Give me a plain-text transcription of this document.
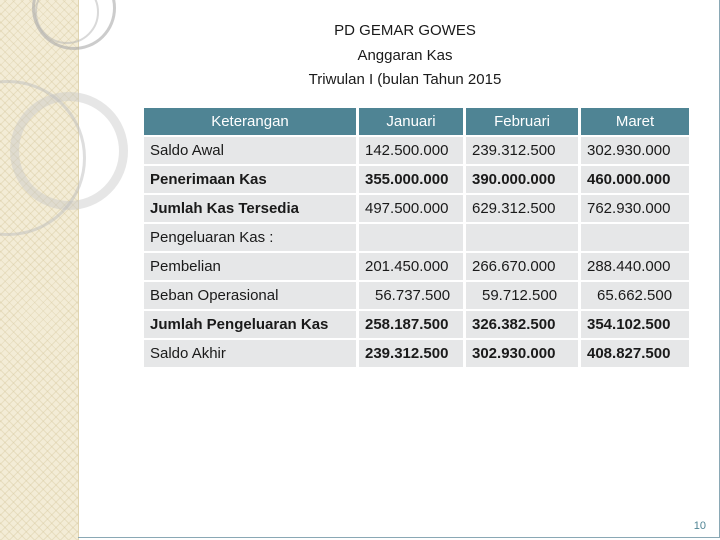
PD GEMAR GOWES
Anggaran Kas
Triwulan I (bulan Tahun 2015
Keterangan	Januari	Februari	Maret
Saldo Awal	142.500.000	239.312.500	302.930.000
Penerimaan Kas	355.000.000	390.000.000	460.000.000
Jumlah Kas Tersedia	497.500.000	629.312.500	762.930.000
Pengeluaran Kas :			
Pembelian	201.450.000	266.670.000	288.440.000
Beban Operasional	56.737.500	59.712.500	65.662.500
Jumlah Pengeluaran Kas	258.187.500	326.382.500	354.102.500
Saldo Akhir	239.312.500	302.930.000	408.827.500
10
